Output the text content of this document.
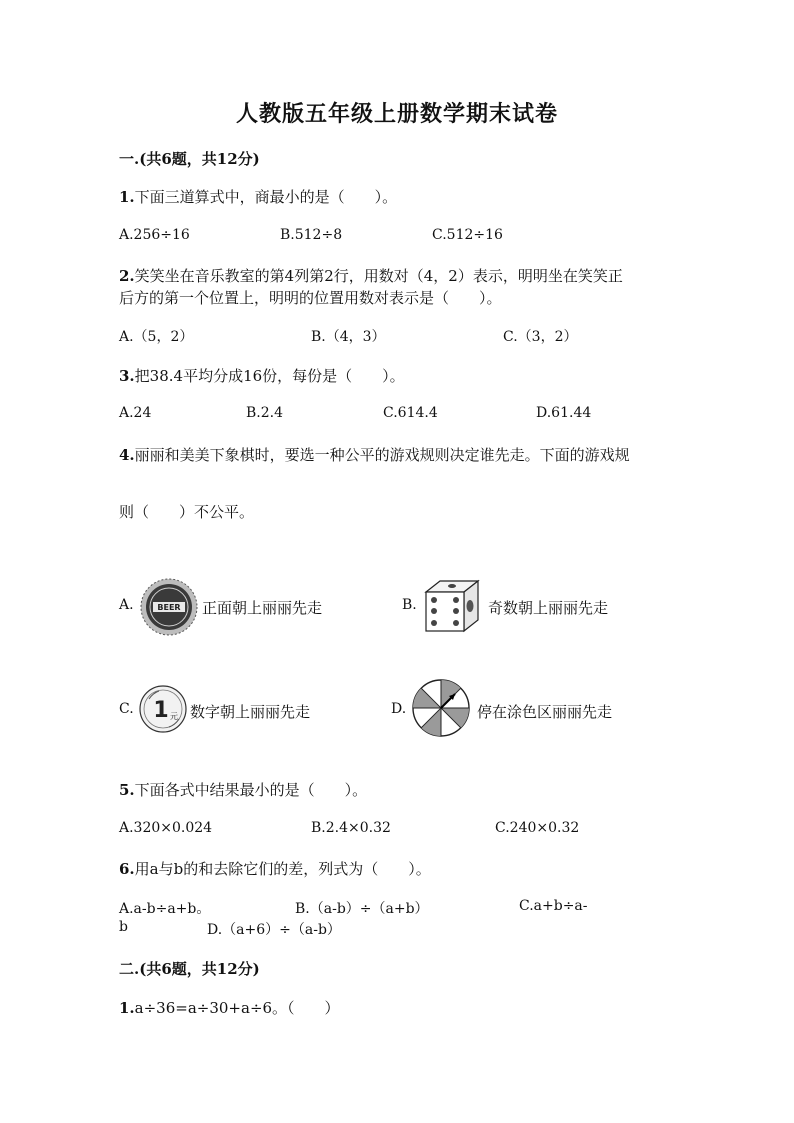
人教版五年级上册数学期末试卷
一.(共6题，共12分)
1.下面三道算式中，商最小的是（　　）。
A.256÷16	B.512÷8	C.512÷16
2.笑笑坐在音乐教室的第4列第2行，用数对（4，2）表示，明明坐在笑笑正
后方的第一个位置上，明明的位置用数对表示是（　　）。
A.（5，2）	B.（4，3）	C.（3，2）
3.把38.4平均分成16份，每份是（　　）。
A.24	B.2.4	C.614.4	D.61.44
4.丽丽和美美下象棋时，要选一种公平的游戏规则决定谁先走。下面的游戏规
则（　　）不公平。
A.	BEER 正面朝上丽丽先走	B.	奇数朝上丽丽先走
C. 1 元 数字朝上丽丽先走	D.	停在涂色区丽丽先走
5.下面各式中结果最小的是（　　）。
A.320×0.024	B.2.4×0.32	C.240×0.32
6.用a与b的和去除它们的差，列式为（　　）。
A.a-b÷a+b。	B.（a-b）÷（a+b）	C.a+b÷a-
b	D.（a+6）÷（a-b）
二.(共6题，共12分)
1.a÷36=a÷30+a÷6。（　　）
